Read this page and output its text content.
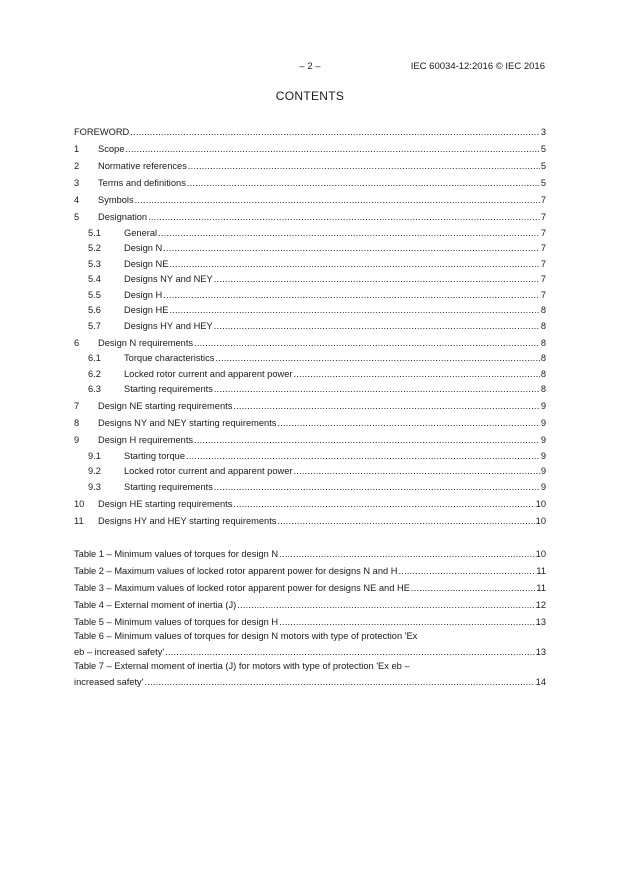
– 2 –	IEC 60034-12:2016 © IEC 2016
CONTENTS
FOREWORD .....	3
1	Scope .....	5
2	Normative references .....	5
3	Terms and definitions .....	5
4	Symbols .....	7
5	Designation .....	7
5.1	General .....	7
5.2	Design N .....	7
5.3	Design NE .....	7
5.4	Designs NY and NEY .....	7
5.5	Design H .....	7
5.6	Design HE .....	8
5.7	Designs HY and HEY .....	8
6	Design N requirements .....	8
6.1	Torque characteristics .....	8
6.2	Locked rotor current and apparent power .....	8
6.3	Starting requirements .....	8
7	Design NE starting requirements .....	9
8	Designs NY and NEY starting requirements .....	9
9	Design H requirements .....	9
9.1	Starting torque .....	9
9.2	Locked rotor current and apparent power .....	9
9.3	Starting requirements .....	9
10	Design HE starting requirements .....	10
11	Designs HY and HEY starting requirements .....	10
Table 1 – Minimum values of torques for design N .....	10
Table 2 – Maximum values of locked rotor apparent power for designs N and H .....	11
Table 3 – Maximum values of locked rotor apparent power for designs NE and HE .....	11
Table 4 – External moment of inertia (J) .....	12
Table 5 – Minimum values of torques for design H .....	13
Table 6 – Minimum values of torques for design N motors with type of protection 'Ex
eb – increased safety' .....	13
Table 7 – External moment of inertia (J) for motors with type of protection 'Ex eb –
increased safety' .....	14
